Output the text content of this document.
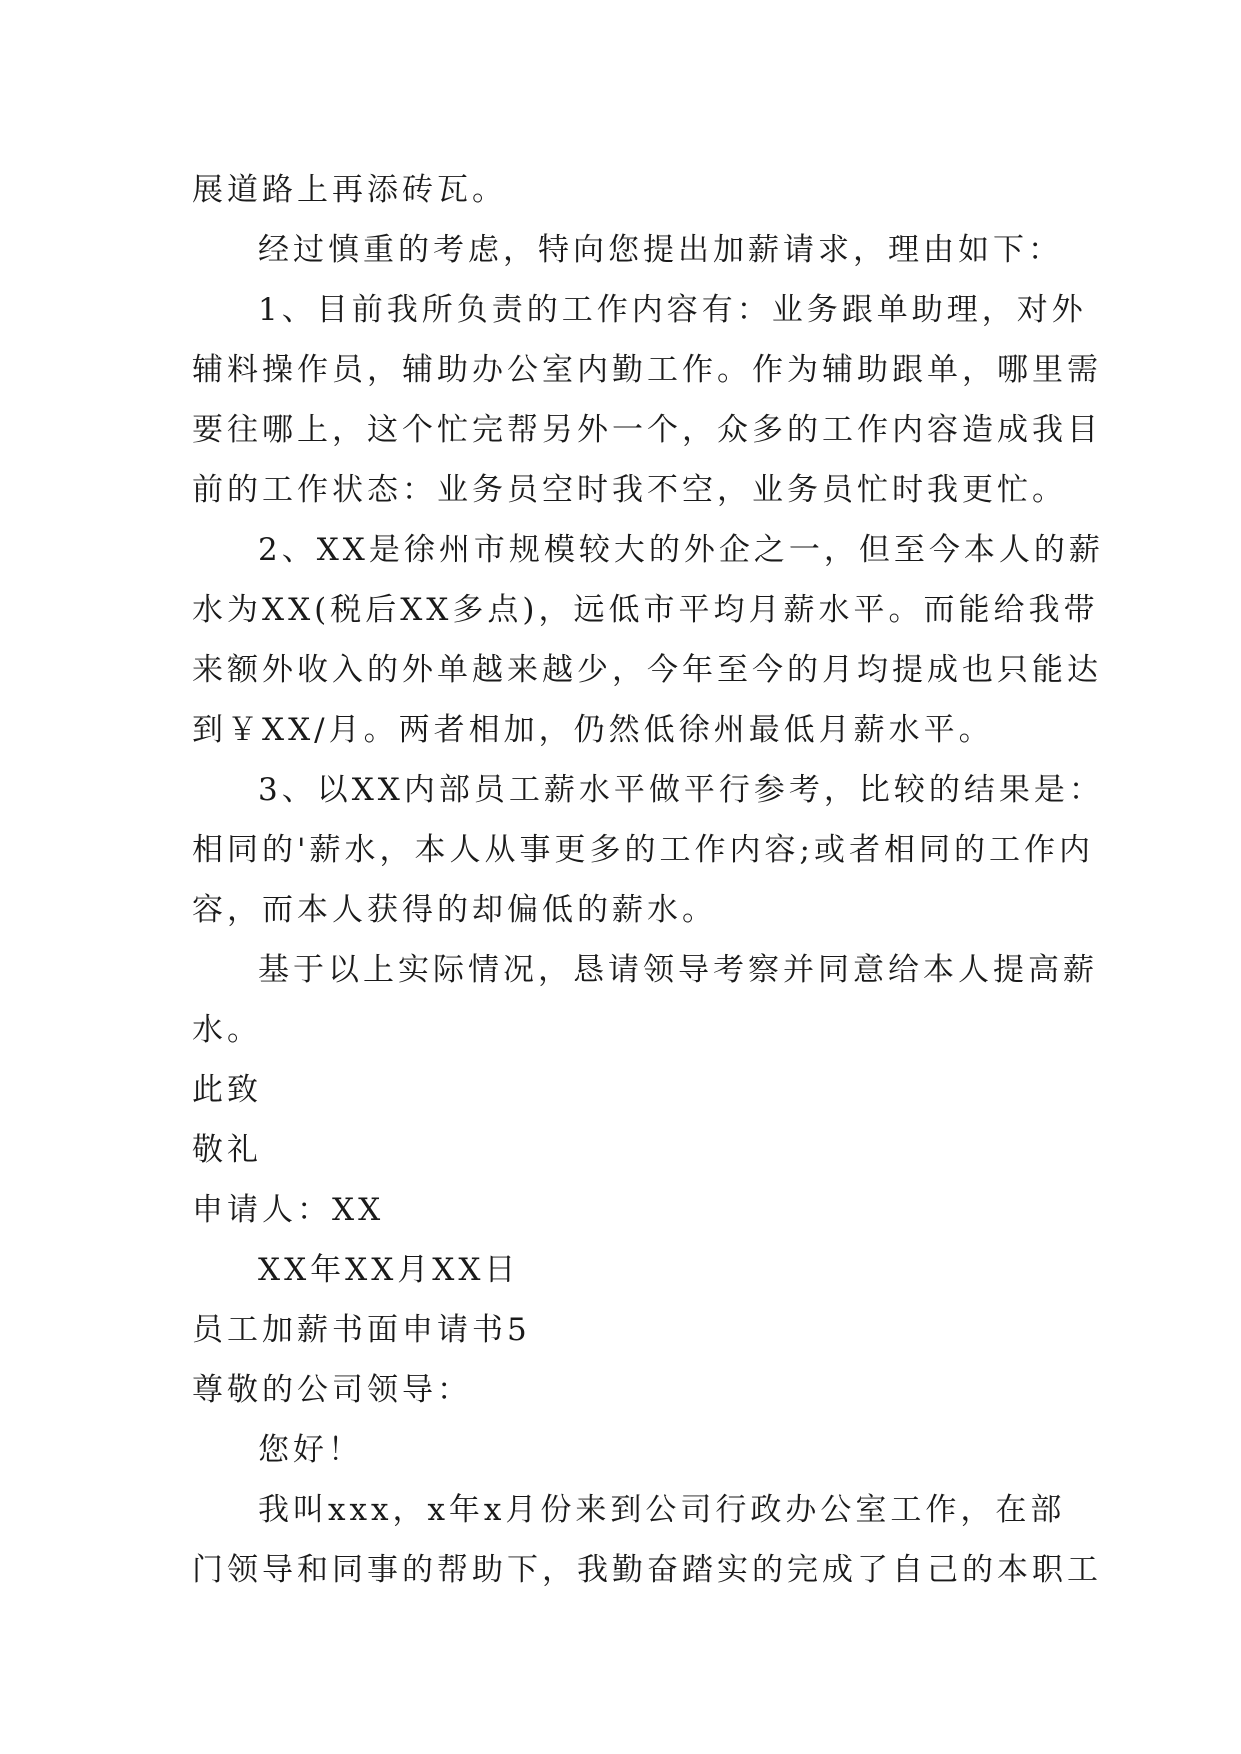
展道路上再添砖瓦。
经过慎重的考虑，特向您提出加薪请求，理由如下：
1、目前我所负责的工作内容有：业务跟单助理，对外
辅料操作员，辅助办公室内勤工作。作为辅助跟单，哪里需
要往哪上，这个忙完帮另外一个，众多的工作内容造成我目
前的工作状态：业务员空时我不空，业务员忙时我更忙。
2、XX是徐州市规模较大的外企之一，但至今本人的薪
水为XX(税后XX多点)，远低市平均月薪水平。而能给我带
来额外收入的外单越来越少，今年至今的月均提成也只能达
到￥XX/月。两者相加，仍然低徐州最低月薪水平。
3、以XX内部员工薪水平做平行参考，比较的结果是：
相同的'薪水，本人从事更多的工作内容;或者相同的工作内
容，而本人获得的却偏低的薪水。
基于以上实际情况，恳请领导考察并同意给本人提高薪
水。
此致
敬礼
申请人：XX
XX年XX月XX日
员工加薪书面申请书5
尊敬的公司领导：
您好！
我叫xxx，x年x月份来到公司行政办公室工作，在部
门领导和同事的帮助下，我勤奋踏实的完成了自己的本职工
